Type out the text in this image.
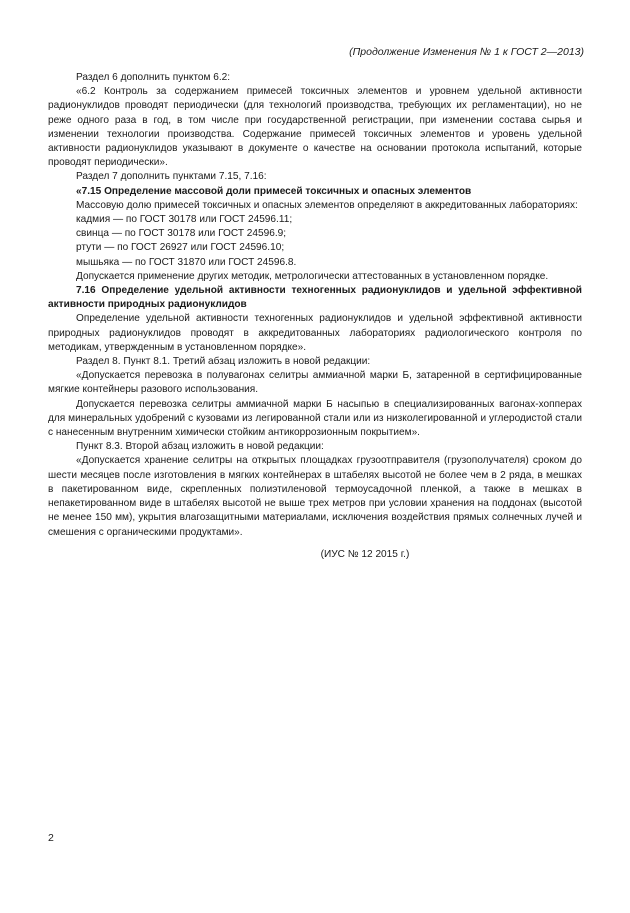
(Продолжение Изменения № 1 к ГОСТ 2—2013)

Раздел 6 дополнить пунктом 6.2:

«6.2 Контроль за содержанием примесей токсичных элементов и уровнем удельной активности радионуклидов проводят периодически (для технологий производства, требующих их регламентации), но не реже одного раза в год, в том числе при государственной регистрации, при изменении состава сырья и изменении технологии производства. Содержание примесей токсичных элементов и уровень удельной активности радионуклидов указывают в документе о качестве на основании протокола испытаний, которые проводят периодически».

Раздел 7 дополнить пунктами 7.15, 7.16:

«7.15 Определение массовой доли примесей токсичных и опасных элементов

Массовую долю примесей токсичных и опасных элементов определяют в аккредитованных лабораториях:

кадмия — по ГОСТ 30178 или ГОСТ 24596.11;

свинца — по ГОСТ 30178 или ГОСТ 24596.9;

ртути — по ГОСТ 26927 или ГОСТ 24596.10;

мышьяка — по ГОСТ 31870 или ГОСТ 24596.8.

Допускается применение других методик, метрологически аттестованных в установленном порядке.

7.16 Определение удельной активности техногенных радионуклидов и удельной эффективной активности природных радионуклидов

Определение удельной активности техногенных радионуклидов и удельной эффективной активности природных радионуклидов проводят в аккредитованных лабораториях радиологического контроля по методикам, утвержденным в установленном порядке».

Раздел 8. Пункт 8.1. Третий абзац изложить в новой редакции:

«Допускается перевозка в полувагонах селитры аммиачной марки Б, затаренной в сертифицированные мягкие контейнеры разового использования.

Допускается перевозка селитры аммиачной марки Б насыпью в специализированных вагонах-хопперах для минеральных удобрений с кузовами из легированной стали или из низколегированной и углеродистой стали с нанесенным внутренним химически стойким антикоррозионным покрытием».

Пункт 8.3. Второй абзац изложить в новой редакции:

«Допускается хранение селитры на открытых площадках грузоотправителя (грузополучателя) сроком до шести месяцев после изготовления в мягких контейнерах в штабелях высотой не более чем в 2 ряда, в мешках в пакетированном виде, скрепленных полиэтиленовой термоусадочной пленкой, а также в мешках в непакетированном виде в штабелях высотой не выше трех метров при условии хранения на поддонах (высотой не менее 150 мм), укрытия влагозащитными материалами, исключения воздействия прямых солнечных лучей и смешения с органическими продуктами».

(ИУС № 12 2015 г.)

2
